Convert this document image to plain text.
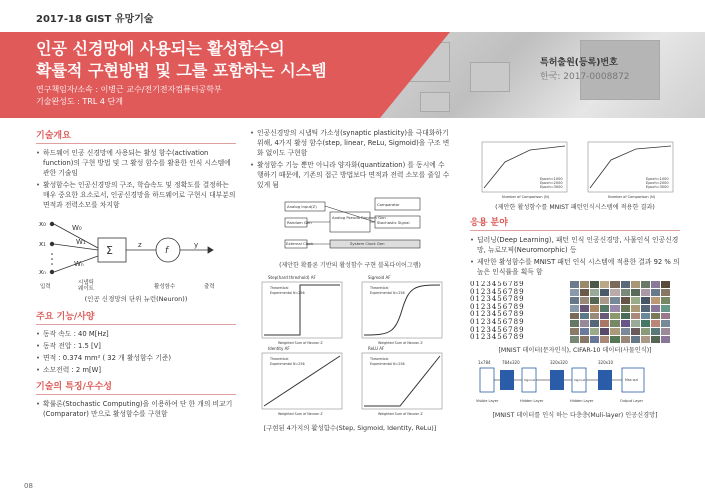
2017-18 GIST 유망기술
인공 신경망에 사용되는 활성함수의
확률적 구현방법 및 그를 포함하는 시스템
연구책임자/소속 : 이병근 교수/전기전자컴퓨터공학부
기술완성도 : TRL 4 단계
특허출원(등록)번호
한국: 2017-0008872
기술개요
• 하드웨어 인공 신경망에 사용되는 활성 함수(activation function)의 구현 방법 및 그 활성 함수를 활용한 인식 시스템에 관한 기술임
• 활성함수는 인공신경망의 구조, 학습속도 및 정확도를 결정하는 매우 중요한 요소로서, 인공신경망을 하드웨어로 구현시 대부분의 면적과 전력소모를 차지함
x₀
x₁
xₙ
W₀
W₁
Wₙ
Σ	z
f
y
입력
시냅틱
웨이트	활성함수	출력
(인공 신경망의 단위 뉴런(Neuron))
주요 기능/사양
• 동작 속도 : 40 M[Hz]
• 동작 전압 : 1.5 [V]
• 면적 : 0.374 mm² ( 32 개 활성함수 기준)
• 소모전력 : 2 m[W]
기술의 특징/우수성
• 확률론(Stochastic Computing)을 이용하여 단 한 개의 비교기 (Comparator) 만으로 활성함수를 구현함
• 인공신경망의 시냅틱 가소성(synaptic plasticity)을 극대화하기 위해, 4가지 활성 함수(step, linear, ReLu, Sigmoid)을 구조 변화 없이도 구현함
• 활성함수 기능 뿐만 아니라 양자화(quantization) 를 동시에 수행하기 때문에, 기존의 접근 방법보다 면적과 전력 소모를 줄일 수 있게 됨
Analog Input(Z)
Random Gen
Analog Pseudo Random Gen
Comparator
Stochastic Signal
External Clock	System Clock Gen
(제안한 확률론 기반의 활성함수 구현 블록다이어그램)
Step(hard threshold) AF	Sigmoid AF
Identity AF	ReLU AF
Theoretical
Experimental N=256
Theoretical
Experimental N=256
Theoretical
Experimental N=256
Theoretical
Experimental N=256
Weighted Sum of Neuron Z	Weighted Sum of Neuron Z
Weighted Sum of Neuron Z	Weighted Sum of Neuron Z
[구현된 4가지의 활성함수(Step, Sigmoid, Identity, ReLu)]
Epoch=1000
Epoch=2000
Epoch=3000
Epoch=1000
Epoch=2000
Epoch=3000
Number of Comparison (N)	Number of Comparison (N)
(제안한 활성함수를 MNIST 패턴인식시스템에 적용한 결과)
응용 분야
• 딥러닝(Deep Learning), 패턴 인식 인공신경망, 사물인식 인공신경망, 뉴로모픽(Neuromorphic) 등
• 제안한 활성함수를 MNIST 패턴 인식 시스템에 적용한 결과 92 % 의 높은 인식률을 획득 함
0123456789
0123456789
0123456789
0123456789
0123456789
0123456789
0123456789
0123456789
[MNIST 데이터(문자인식), CIFAR-10 데이터(사물인식)]
1x784	784x320	320x320	320x10
Sigmoid	Sigmoid	Max out
Visible Layer	Hidden Layer	Hidden Layer	Output Layer
[MNIST 데이터를 인식 하는 다층층(Muli-layer) 인공신경망]
08
